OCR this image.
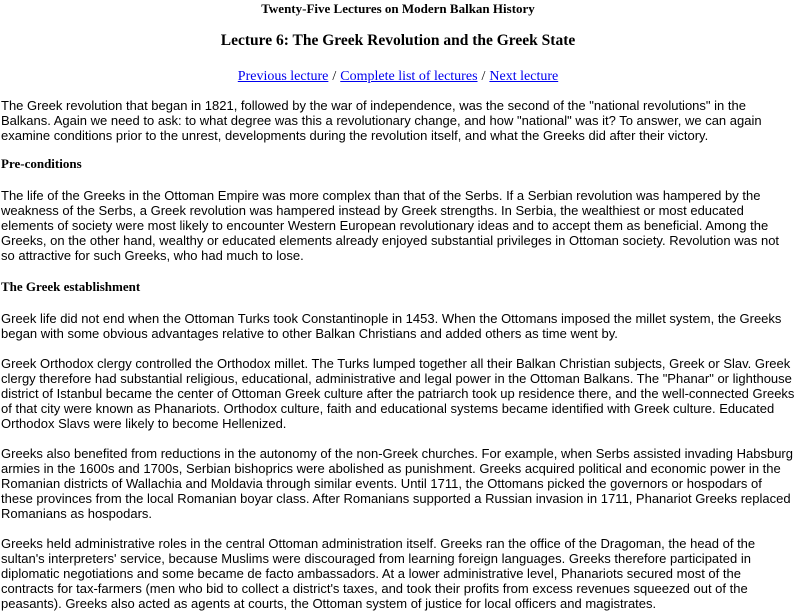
Twenty-Five Lectures on Modern Balkan History
Lecture 6: The Greek Revolution and the Greek State
Previous lecture / Complete list of lectures / Next lecture

The Greek revolution that began in 1821, followed by the war of independence, was the second of the "national revolutions" in the Balkans. Again we need to ask: to what degree was this a revolutionary change, and how "national" was it? To answer, we can again examine conditions prior to the unrest, developments during the revolution itself, and what the Greeks did after their victory.

Pre-conditions

The life of the Greeks in the Ottoman Empire was more complex than that of the Serbs. If a Serbian revolution was hampered by the weakness of the Serbs, a Greek revolution was hampered instead by Greek strengths. In Serbia, the wealthiest or most educated elements of society were most likely to encounter Western European revolutionary ideas and to accept them as beneficial. Among the Greeks, on the other hand, wealthy or educated elements already enjoyed substantial privileges in Ottoman society. Revolution was not so attractive for such Greeks, who had much to lose.

The Greek establishment

Greek life did not end when the Ottoman Turks took Constantinople in 1453. When the Ottomans imposed the millet system, the Greeks began with some obvious advantages relative to other Balkan Christians and added others as time went by.

Greek Orthodox clergy controlled the Orthodox millet. The Turks lumped together all their Balkan Christian subjects, Greek or Slav. Greek clergy therefore had substantial religious, educational, administrative and legal power in the Ottoman Balkans. The "Phanar" or lighthouse district of Istanbul became the center of Ottoman Greek culture after the patriarch took up residence there, and the well-connected Greeks of that city were known as Phanariots. Orthodox culture, faith and educational systems became identified with Greek culture. Educated Orthodox Slavs were likely to become Hellenized.

Greeks also benefited from reductions in the autonomy of the non-Greek churches. For example, when Serbs assisted invading Habsburg armies in the 1600s and 1700s, Serbian bishoprics were abolished as punishment. Greeks acquired political and economic power in the Romanian districts of Wallachia and Moldavia through similar events. Until 1711, the Ottomans picked the governors or hospodars of these provinces from the local Romanian boyar class. After Romanians supported a Russian invasion in 1711, Phanariot Greeks replaced Romanians as hospodars.

Greeks held administrative roles in the central Ottoman administration itself. Greeks ran the office of the Dragoman, the head of the sultan's interpreters' service, because Muslims were discouraged from learning foreign languages. Greeks therefore participated in diplomatic negotiations and some became de facto ambassadors. At a lower administrative level, Phanariots secured most of the contracts for tax-farmers (men who bid to collect a district's taxes, and took their profits from excess revenues squeezed out of the peasants). Greeks also acted as agents at courts, the Ottoman system of justice for local officers and magistrates.
